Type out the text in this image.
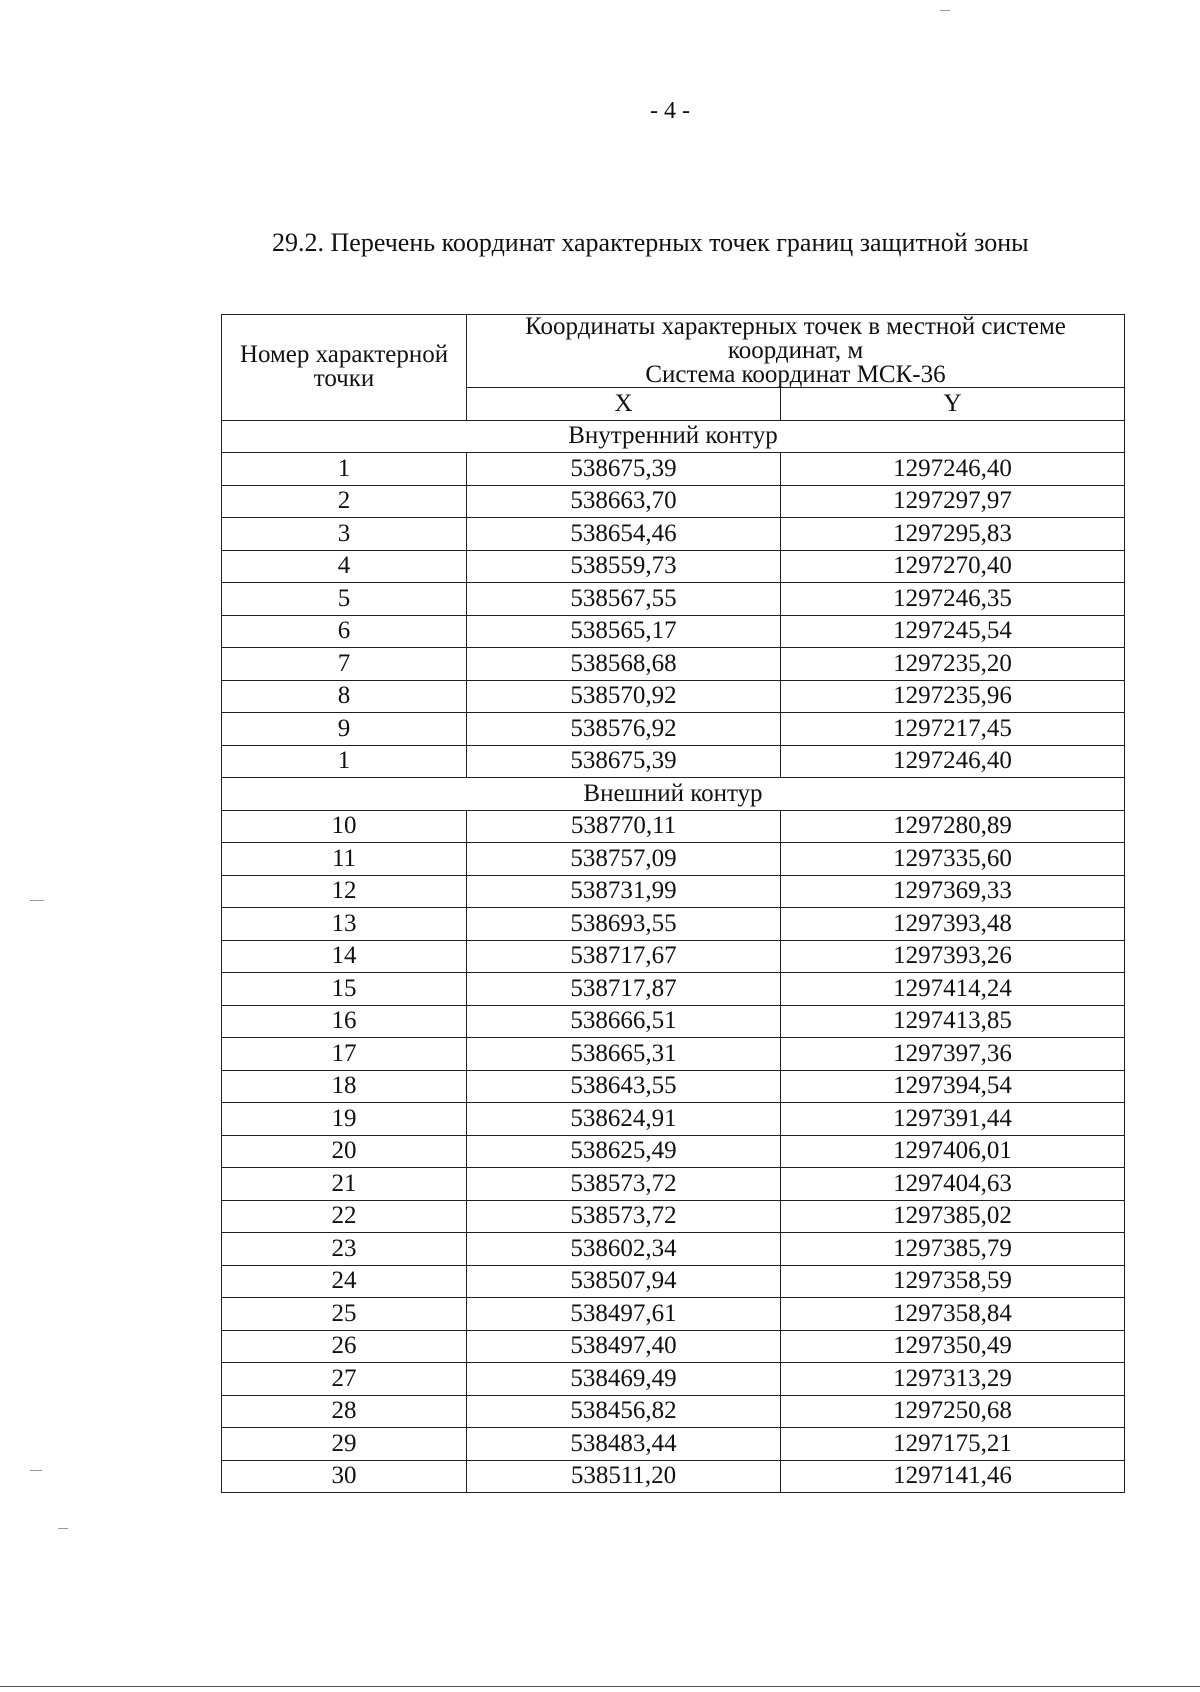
- 4 -
29.2. Перечень координат характерных точек границ защитной зоны
Номер характерной точки	Координаты характерных точек в местной системе координат, м
Система координат МСК-36	

	X	Y
Внутренний контур		
1	538675,39	1297246,40
2	538663,70	1297297,97
3	538654,46	1297295,83
4	538559,73	1297270,40
5	538567,55	1297246,35
6	538565,17	1297245,54
7	538568,68	1297235,20
8	538570,92	1297235,96
9	538576,92	1297217,45
1	538675,39	1297246,40
Внешний контур		
10	538770,11	1297280,89
11	538757,09	1297335,60
12	538731,99	1297369,33
13	538693,55	1297393,48
14	538717,67	1297393,26
15	538717,87	1297414,24
16	538666,51	1297413,85
17	538665,31	1297397,36
18	538643,55	1297394,54
19	538624,91	1297391,44
20	538625,49	1297406,01
21	538573,72	1297404,63
22	538573,72	1297385,02
23	538602,34	1297385,79
24	538507,94	1297358,59
25	538497,61	1297358,84
26	538497,40	1297350,49
27	538469,49	1297313,29
28	538456,82	1297250,68
29	538483,44	1297175,21
30	538511,20	1297141,46
